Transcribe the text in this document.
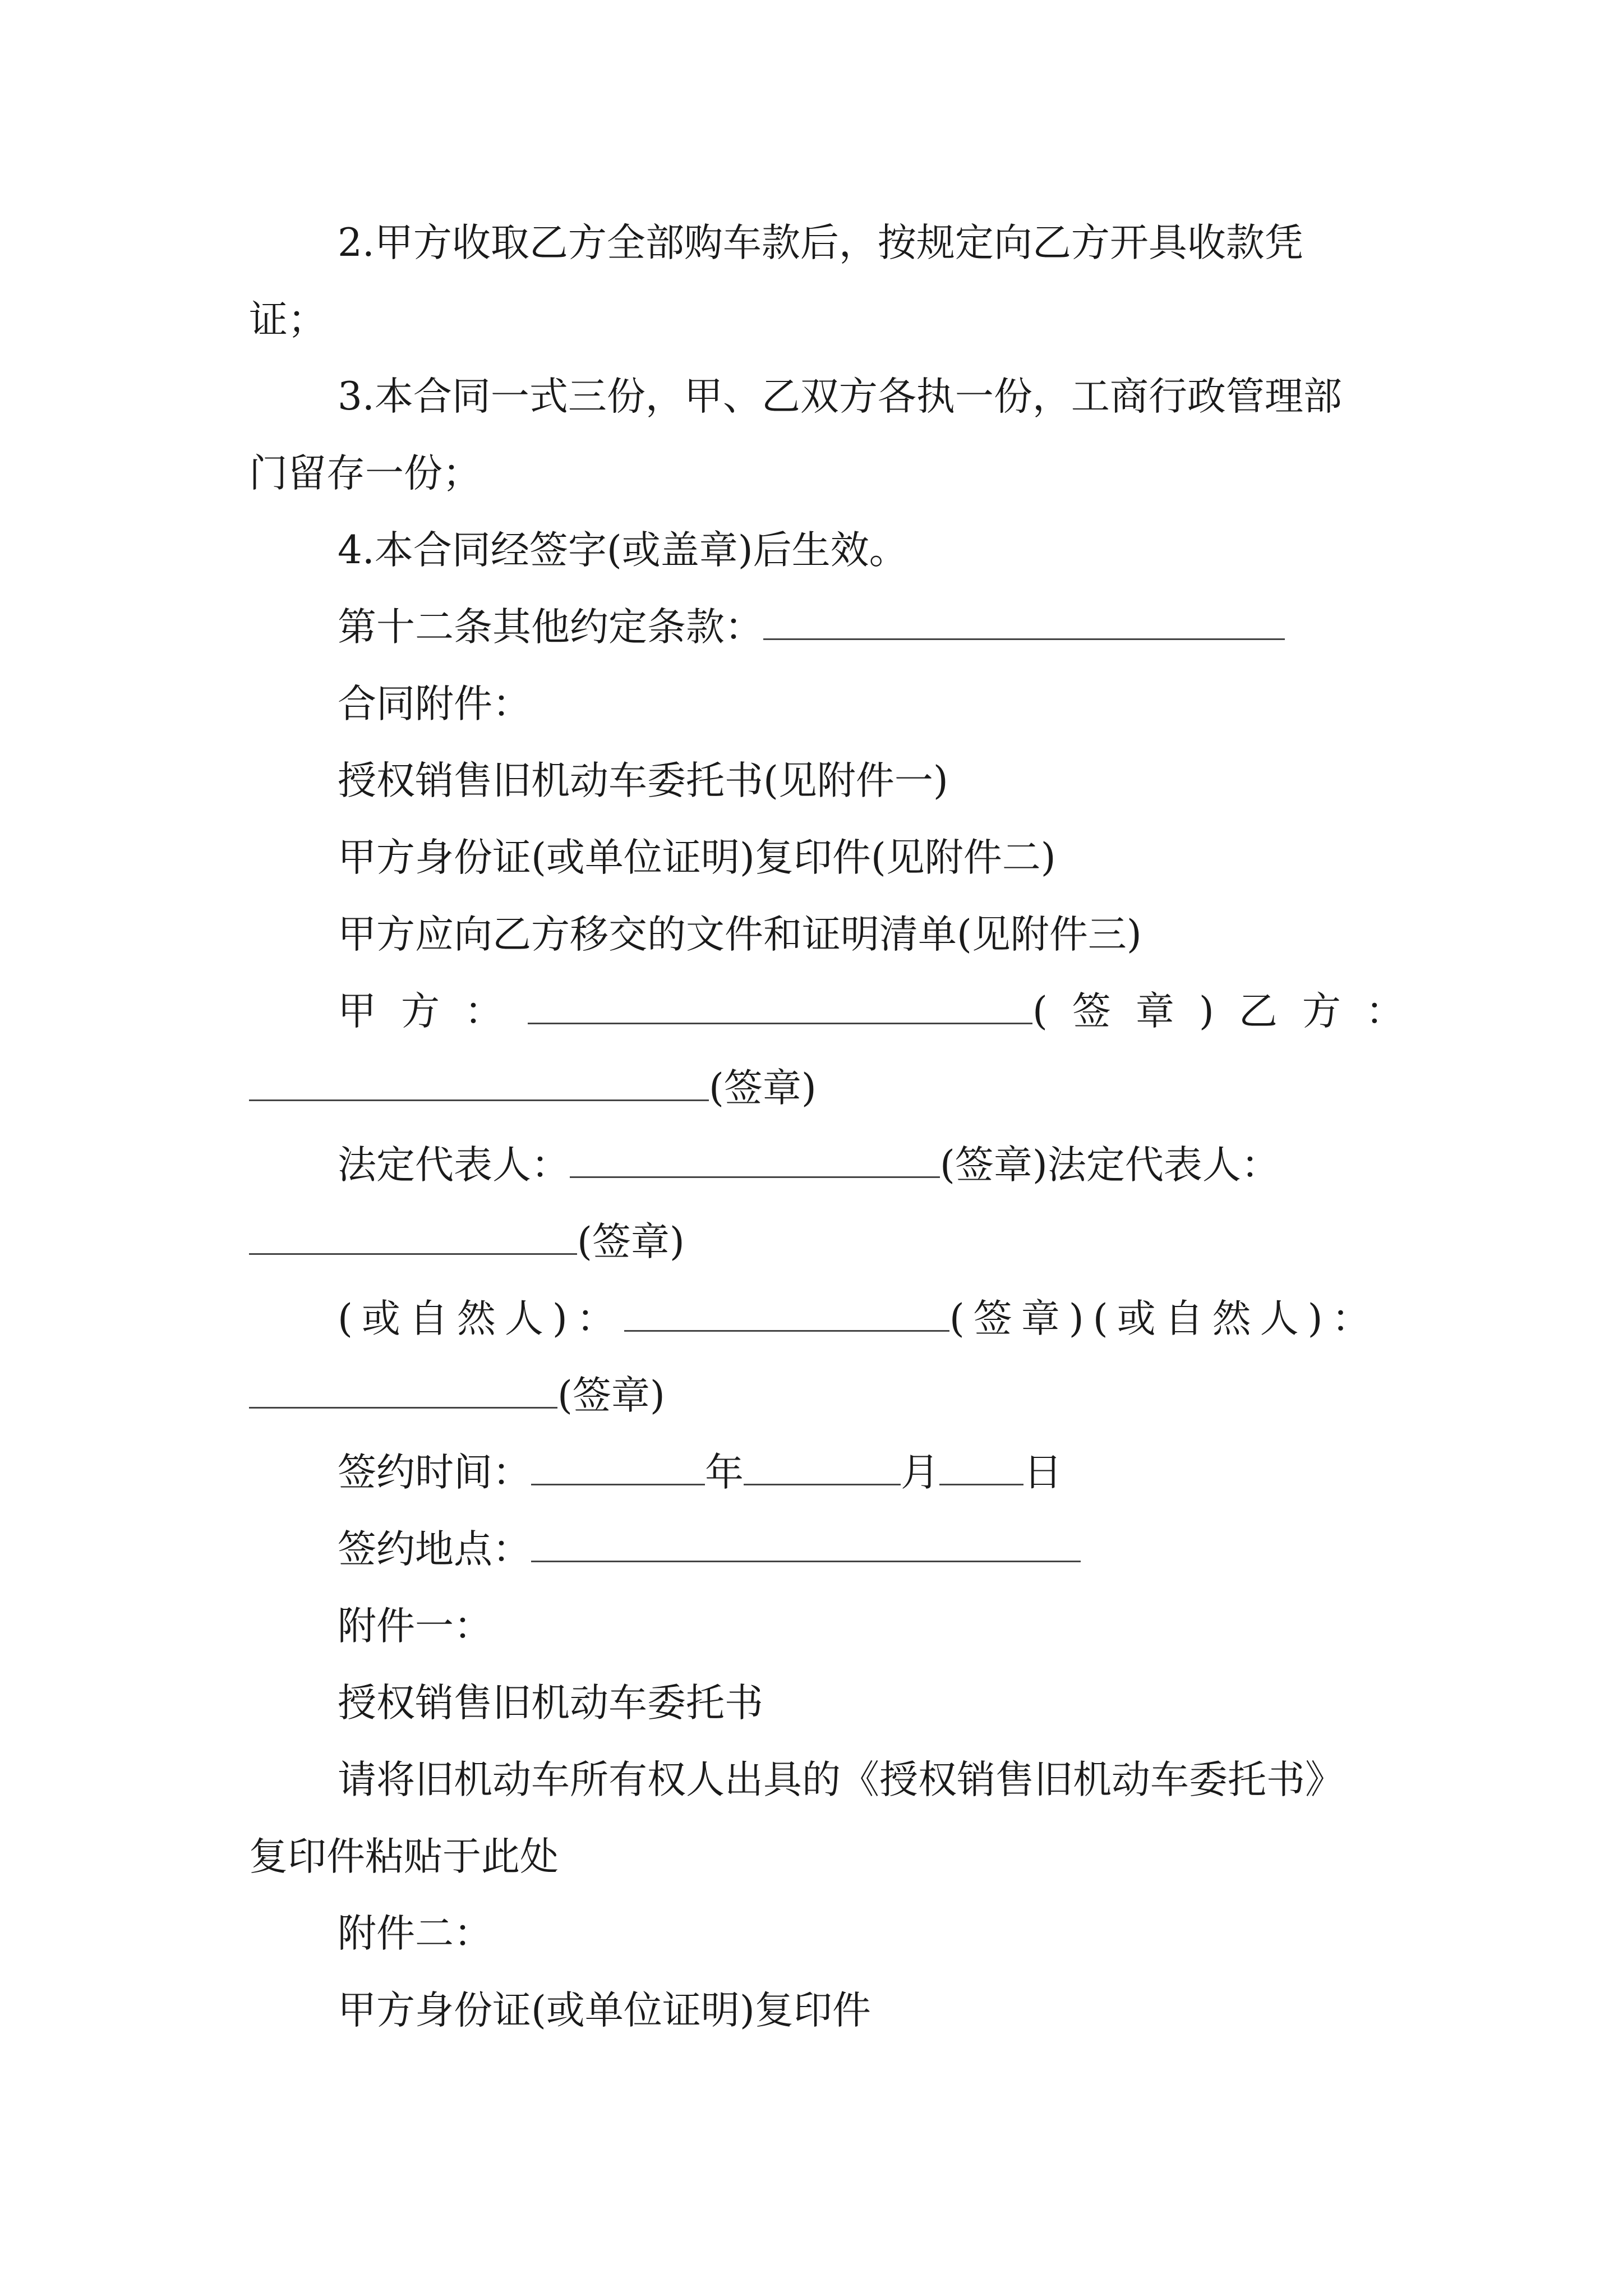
2.甲方收取乙方全部购车款后，按规定向乙方开具收款凭证；

3.本合同一式三份，甲、乙双方各执一份，工商行政管理部门留存一份；

4.本合同经签字(或盖章)后生效。

第十二条其他约定条款：

合同附件：

授权销售旧机动车委托书(见附件一)

甲方身份证(或单位证明)复印件(见附件二)

甲方应向乙方移交的文件和证明清单(见附件三)

甲方：	(签章)乙方：

(签章)

法定代表人：	(签章)法定代表人：

(签章)

(或自然人)：	(签章)(或自然人)：

(签章)

签约时间：	年	月 日

签约地点：

附件一：

授权销售旧机动车委托书

请将旧机动车所有权人出具的《授权销售旧机动车委托书》复印件粘贴于此处

附件二：

甲方身份证(或单位证明)复印件
